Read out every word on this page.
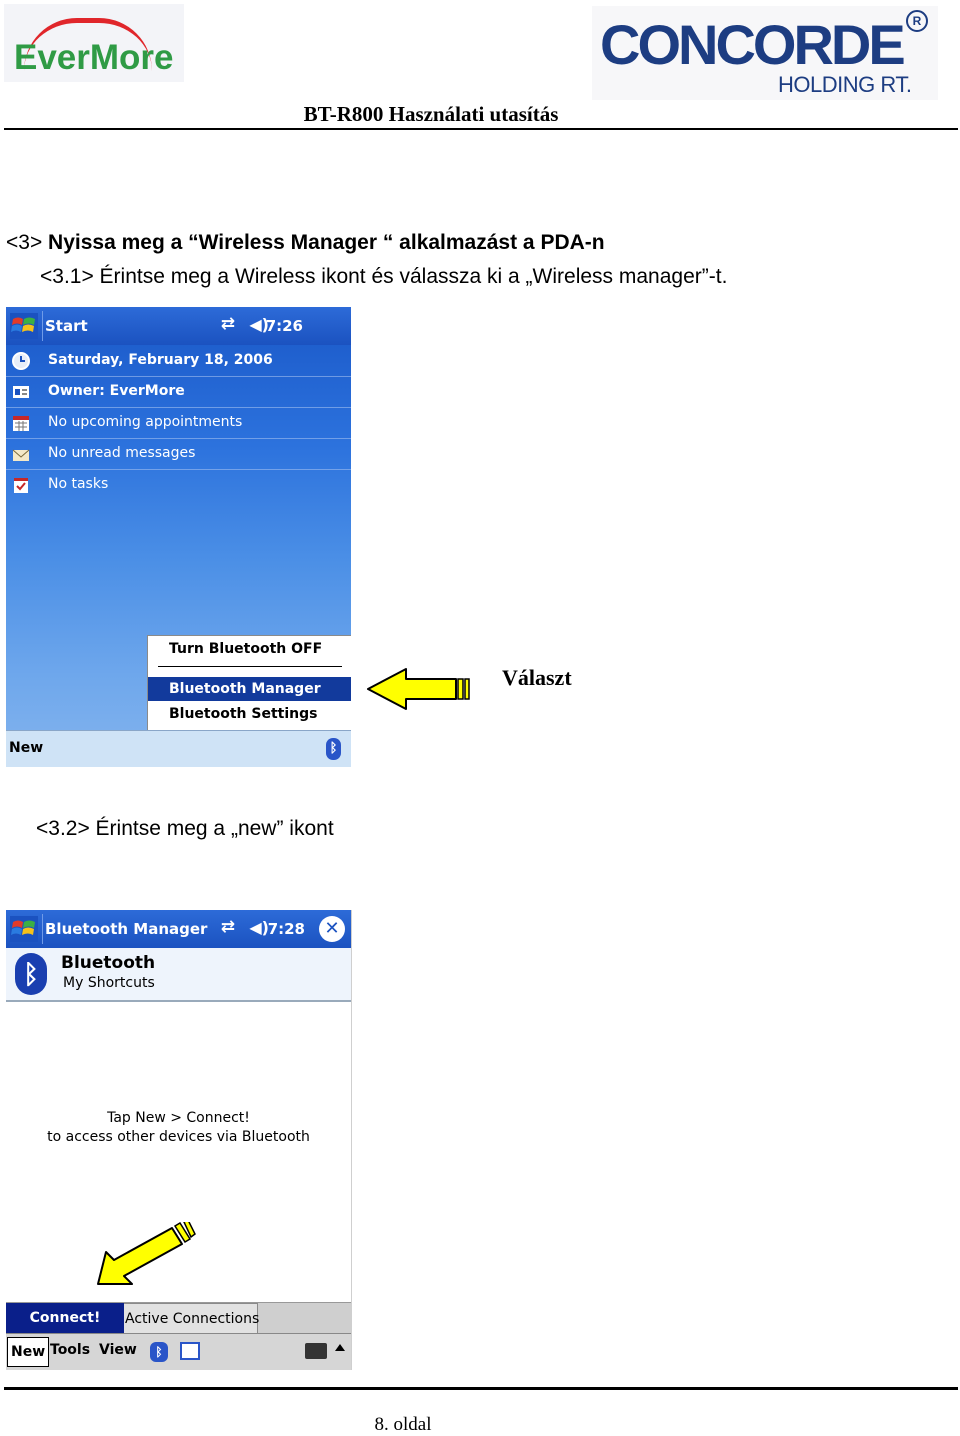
EverMore	CONCORDE
HOLDING RT.
R
BT-R800 Használati utasítás
<3> Nyissa meg a “Wireless Manager “ alkalmazást a PDA-n
<3.1> Érintse meg a Wireless ikont és válassza ki a „Wireless manager”-t.
Start	⇄ ◀)
7:26
Saturday, February 18, 2006
Owner: EverMore
No upcoming appointments
No unread messages
No tasks
Turn Bluetooth OFF
Bluetooth Manager
Bluetooth Settings
New	ᛒ
Választ
<3.2> Érintse meg a „new” ikont
Bluetooth Manager ⇄ ◀)
7:28	✕
ᛒ	Bluetooth
My Shortcuts
Tap New > Connect!
to access other devices via Bluetooth
Active Connections
Connect!
New Tools View	ᛒ
8. oldal
